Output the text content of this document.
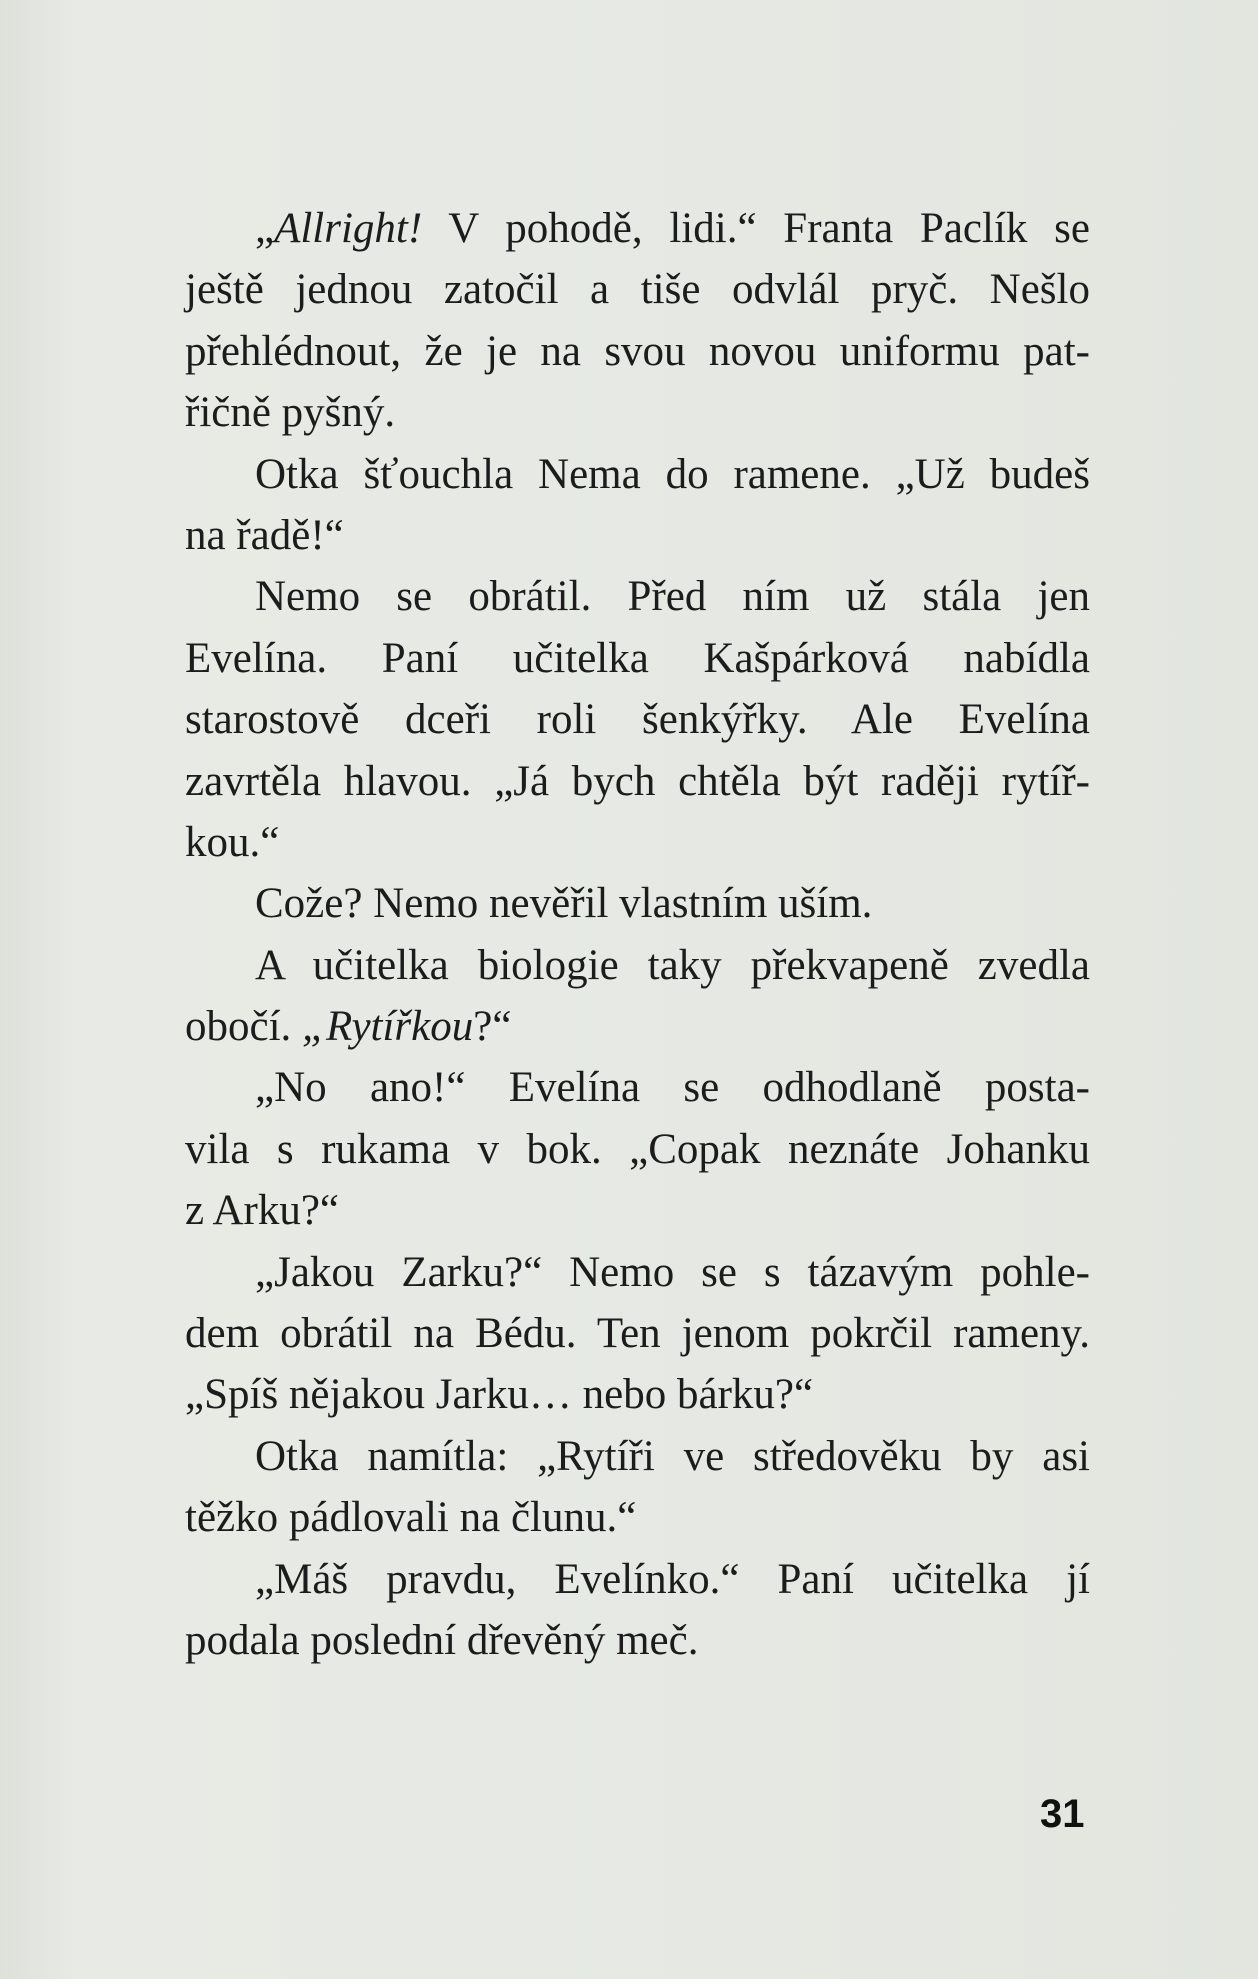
„Allright! V pohodě, lidi.“ Franta Paclík se
ještě jednou zatočil a tiše odvlál pryč. Nešlo
přehlédnout, že je na svou novou uniformu pat-
řičně pyšný.
Otka šťouchla Nema do ramene. „Už budeš
na řadě!“
Nemo se obrátil. Před ním už stála jen
Evelína. Paní učitelka Kašpárková nabídla
starostově dceři roli šenkýřky. Ale Evelína
zavrtěla hlavou. „Já bych chtěla být raději rytíř-
kou.“
Cože? Nemo nevěřil vlastním uším.
A učitelka biologie taky překvapeně zvedla
obočí. „Rytířkou?“
„No ano!“ Evelína se odhodlaně posta-
vila s rukama v bok. „Copak neznáte Johanku
z Arku?“
„Jakou Zarku?“ Nemo se s tázavým pohle-
dem obrátil na Bédu. Ten jenom pokrčil rameny.
„Spíš nějakou Jarku… nebo bárku?“
Otka namítla: „Rytíři ve středověku by asi
těžko pádlovali na člunu.“
„Máš pravdu, Evelínko.“ Paní učitelka jí
podala poslední dřevěný meč.
31
